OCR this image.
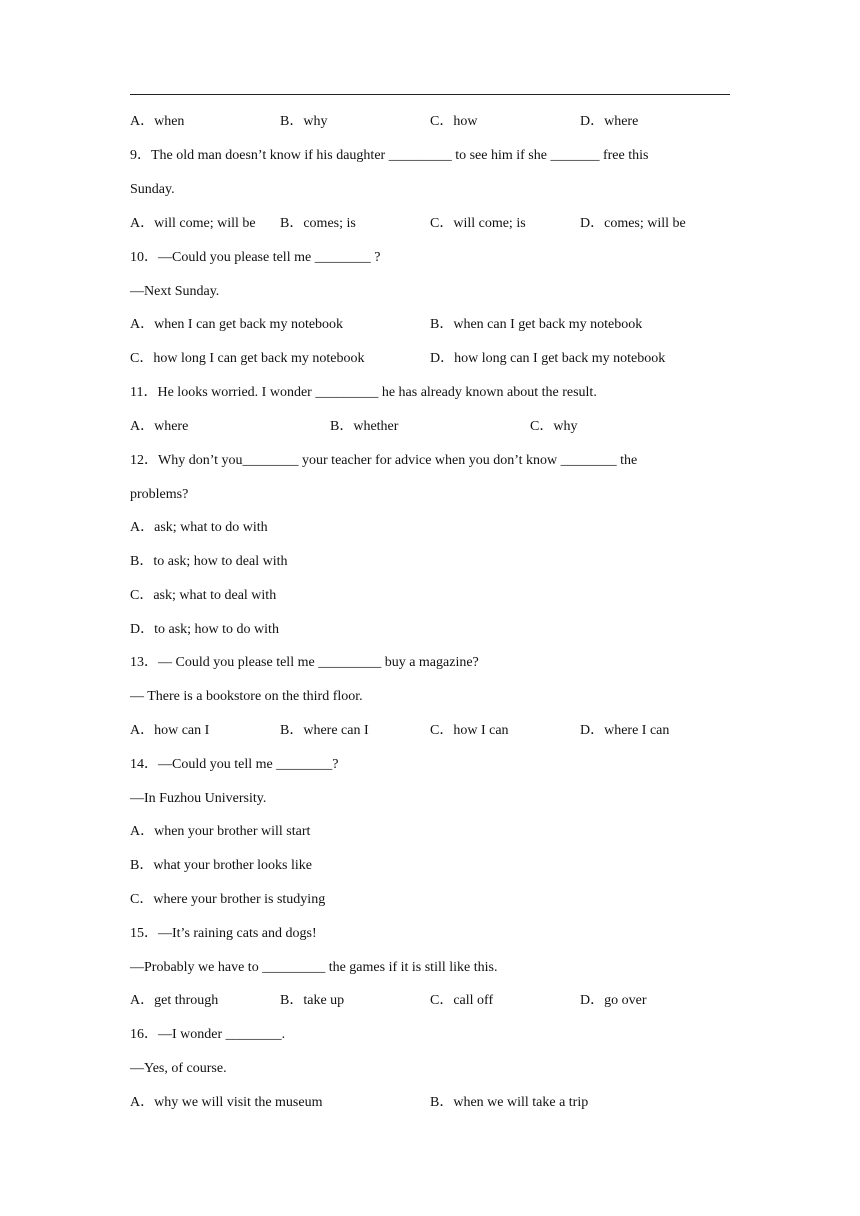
A．when	B．why	C．how	D．where
9．The old man doesn’t know if his daughter _________ to see him if she _______ free this
Sunday.
A．will come; will be B．comes; is	C．will come; is	D．comes; will be
10．—Could you please tell me ________ ?
—Next Sunday.
A．when I can get back my notebook	B．when can I get back my notebook
C．how long I can get back my notebook	D．how long can I get back my notebook
11．He looks worried. I wonder _________ he has already known about the result.
A．where	B．whether	C．why
12．Why don’t you________ your teacher for advice when you don’t know ________ the
problems?
A．ask; what to do with
B．to ask; how to deal with
C．ask; what to deal with
D．to ask; how to do with
13．— Could you please tell me _________ buy a magazine?
— There is a bookstore on the third floor.
A．how can I	B．where can I	C．how I can	D．where I can
14．—Could you tell me ________?
—In Fuzhou University.
A．when your brother will start
B．what your brother looks like
C．where your brother is studying
15．—It’s raining cats and dogs!
—Probably we have to _________ the games if it is still like this.
A．get through	B．take up	C．call off	D．go over
16．—I wonder ________.
—Yes, of course.
A．why we will visit the museum	B．when we will take a trip
